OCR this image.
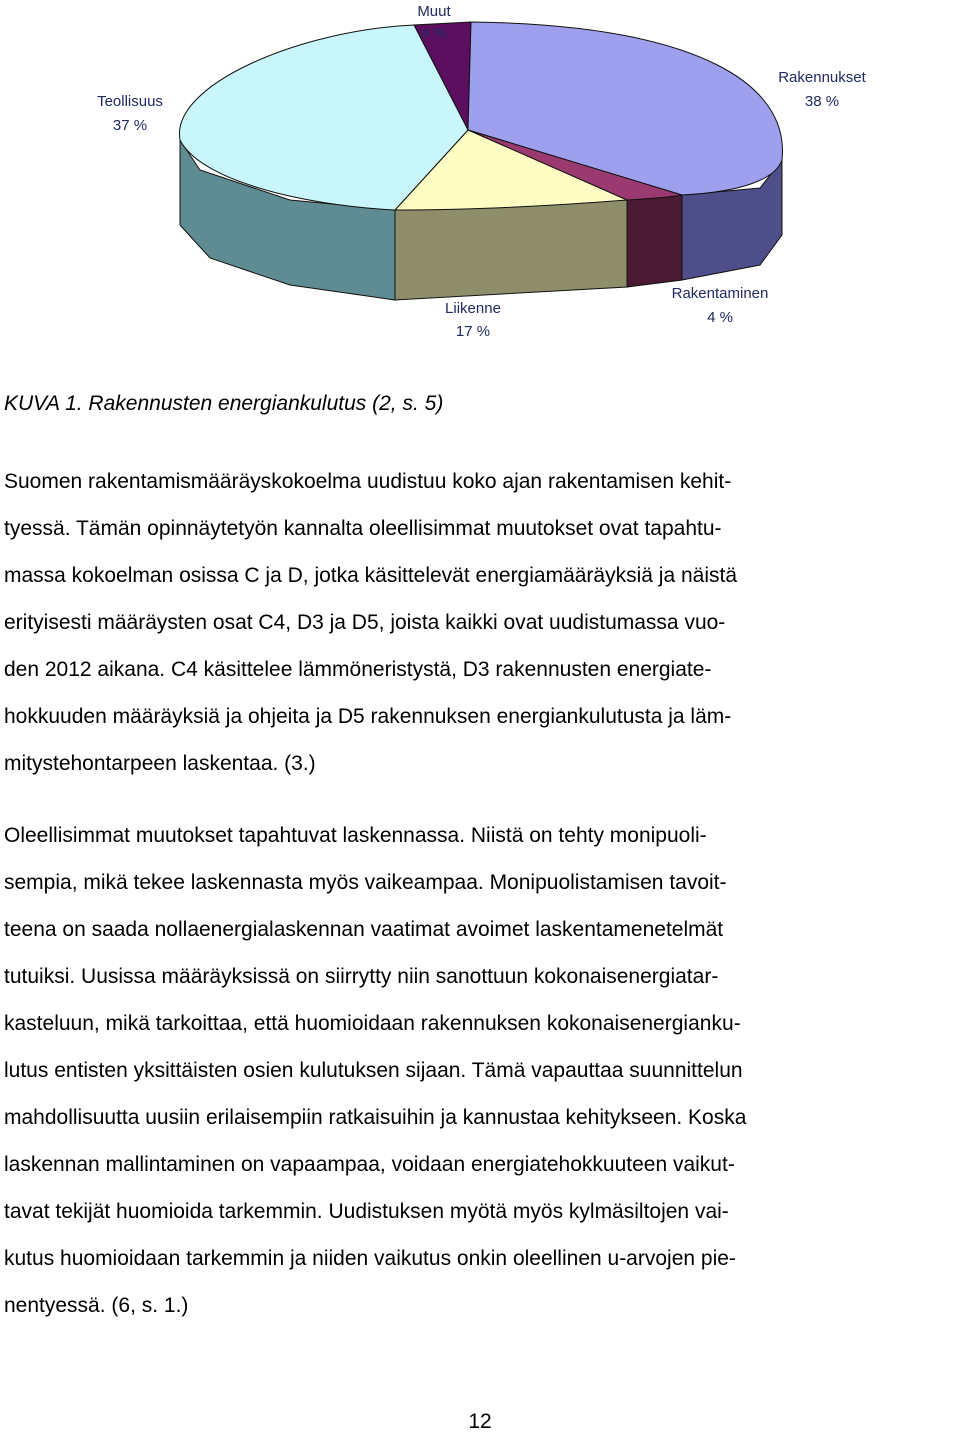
Muut
4 %
Rakennukset
38 %
Teollisuus
37 %
Rakentaminen
4 %
Liikenne
17 %
KUVA 1. Rakennusten energiankulutus (2, s. 5)
Suomen rakentamismääräyskokoelma uudistuu koko ajan rakentamisen kehit-
tyessä. Tämän opinnäytetyön kannalta oleellisimmat muutokset ovat tapahtu-
massa kokoelman osissa C ja D, jotka käsittelevät energiamääräyksiä ja näistä
erityisesti määräysten osat C4, D3 ja D5, joista kaikki ovat uudistumassa vuo-
den 2012 aikana. C4 käsittelee lämmöneristystä, D3 rakennusten energiate-
hokkuuden määräyksiä ja ohjeita ja D5 rakennuksen energiankulutusta ja läm-
mitystehontarpeen laskentaa. (3.)
Oleellisimmat muutokset tapahtuvat laskennassa. Niistä on tehty monipuoli-
sempia, mikä tekee laskennasta myös vaikeampaa. Monipuolistamisen tavoit-
teena on saada nollaenergialaskennan vaatimat avoimet laskentamenetelmät
tutuiksi. Uusissa määräyksissä on siirrytty niin sanottuun kokonaisenergiatar-
kasteluun, mikä tarkoittaa, että huomioidaan rakennuksen kokonaisenergianku-
lutus entisten yksittäisten osien kulutuksen sijaan. Tämä vapauttaa suunnittelun
mahdollisuutta uusiin erilaisempiin ratkaisuihin ja kannustaa kehitykseen. Koska
laskennan mallintaminen on vapaampaa, voidaan energiatehokkuuteen vaikut-
tavat tekijät huomioida tarkemmin. Uudistuksen myötä myös kylmäsiltojen vai-
kutus huomioidaan tarkemmin ja niiden vaikutus onkin oleellinen u-arvojen pie-
nentyessä. (6, s. 1.)
12
